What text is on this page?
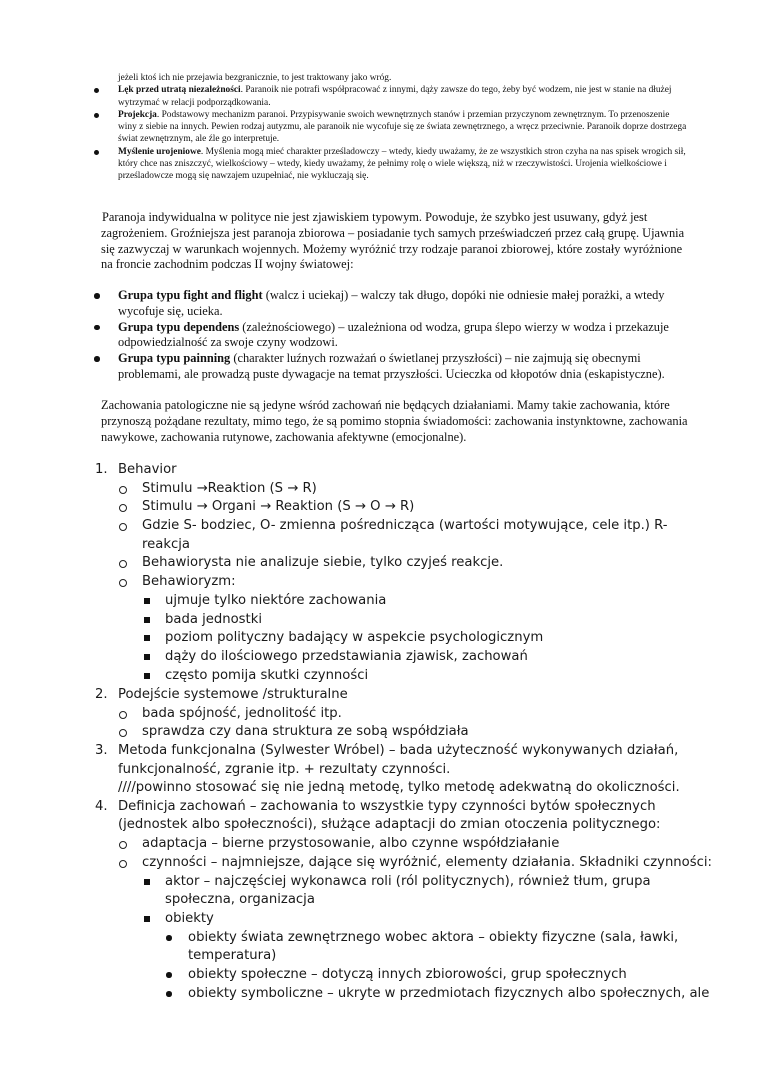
jeżeli ktoś ich nie przejawia bezgranicznie, to jest traktowany jako wróg.

Lęk przed utratą niezależności. Paranoik nie potrafi współpracować z innymi, dąży zawsze do tego, żeby być wodzem, nie jest w stanie na dłużej wytrzymać w relacji podporządkowania.

Projekcja. Podstawowy mechanizm paranoi. Przypisywanie swoich wewnętrznych stanów i przemian przyczynom zewnętrznym. To przenoszenie winy z siebie na innych. Pewien rodzaj autyzmu, ale paranoik nie wycofuje się ze świata zewnętrznego, a wręcz przeciwnie. Paranoik doprze dostrzega świat zewnętrznym, ale źle go interpretuje.

Myślenie urojeniowe. Myślenia mogą mieć charakter prześladowczy – wtedy, kiedy uważamy, że ze wszystkich stron czyha na nas spisek wrogich sił, który chce nas zniszczyć, wielkościowy – wtedy, kiedy uważamy, że pełnimy rolę o wiele większą, niż w rzeczywistości. Urojenia wielkościowe i prześladowcze mogą się nawzajem uzupełniać, nie wykluczają się.

Paranoja indywidualna w polityce nie jest zjawiskiem typowym. Powoduje, że szybko jest usuwany, gdyż jest zagrożeniem. Groźniejsza jest paranoja zbiorowa – posiadanie tych samych przeświadczeń przez całą grupę. Ujawnia się zazwyczaj w warunkach wojennych. Możemy wyróżnić trzy rodzaje paranoi zbiorowej, które zostały wyróżnione na froncie zachodnim podczas II wojny światowej:

Grupa typu fight and flight (walcz i uciekaj) – walczy tak długo, dopóki nie odniesie małej porażki, a wtedy wycofuje się, ucieka.

Grupa typu dependens (zależnościowego) – uzależniona od wodza, grupa ślepo wierzy w wodza i przekazuje odpowiedzialność za swoje czyny wodzowi.

Grupa typu painning (charakter luźnych rozważań o świetlanej przyszłości) – nie zajmują się obecnymi problemami, ale prowadzą puste dywagacje na temat przyszłości. Ucieczka od kłopotów dnia (eskapistyczne).

Zachowania patologiczne nie są jedyne wśród zachowań nie będących działaniami. Mamy takie zachowania, które przynoszą pożądane rezultaty, mimo tego, że są pomimo stopnia świadomości: zachowania instynktowne, zachowania nawykowe, zachowania rutynowe, zachowania afektywne (emocjonalne).

1. Behavior
Stimulu →Reaktion (S → R)
Stimulu → Organi → Reaktion (S → O → R)
Gdzie S- bodziec, O- zmienna pośrednicząca (wartości motywujące, cele itp.) R-
reakcja
Behawiorysta nie analizuje siebie, tylko czyjeś reakcje.
Behawioryzm:
ujmuje tylko niektóre zachowania
bada jednostki
poziom polityczny badający w aspekcie psychologicznym
dąży do ilościowego przedstawiania zjawisk, zachowań
często pomija skutki czynności
2. Podejście systemowe /strukturalne
bada spójność, jednolitość itp.
sprawdza czy dana struktura ze sobą współdziała
3. Metoda funkcjonalna (Sylwester Wróbel) – bada użyteczność wykonywanych działań,
funkcjonalność, zgranie itp. + rezultaty czynności.
////powinno stosować się nie jedną metodę, tylko metodę adekwatną do okoliczności.
4. Definicja zachowań – zachowania to wszystkie typy czynności bytów społecznych
(jednostek albo społeczności), służące adaptacji do zmian otoczenia politycznego:
adaptacja – bierne przystosowanie, albo czynne współdziałanie
czynności – najmniejsze, dające się wyróżnić, elementy działania. Składniki czynności:
aktor – najczęściej wykonawca roli (ról politycznych), również tłum, grupa
społeczna, organizacja
obiekty
obiekty świata zewnętrznego wobec aktora – obiekty fizyczne (sala, ławki,
temperatura)
obiekty społeczne – dotyczą innych zbiorowości, grup społecznych
obiekty symboliczne – ukryte w przedmiotach fizycznych albo społecznych, ale
